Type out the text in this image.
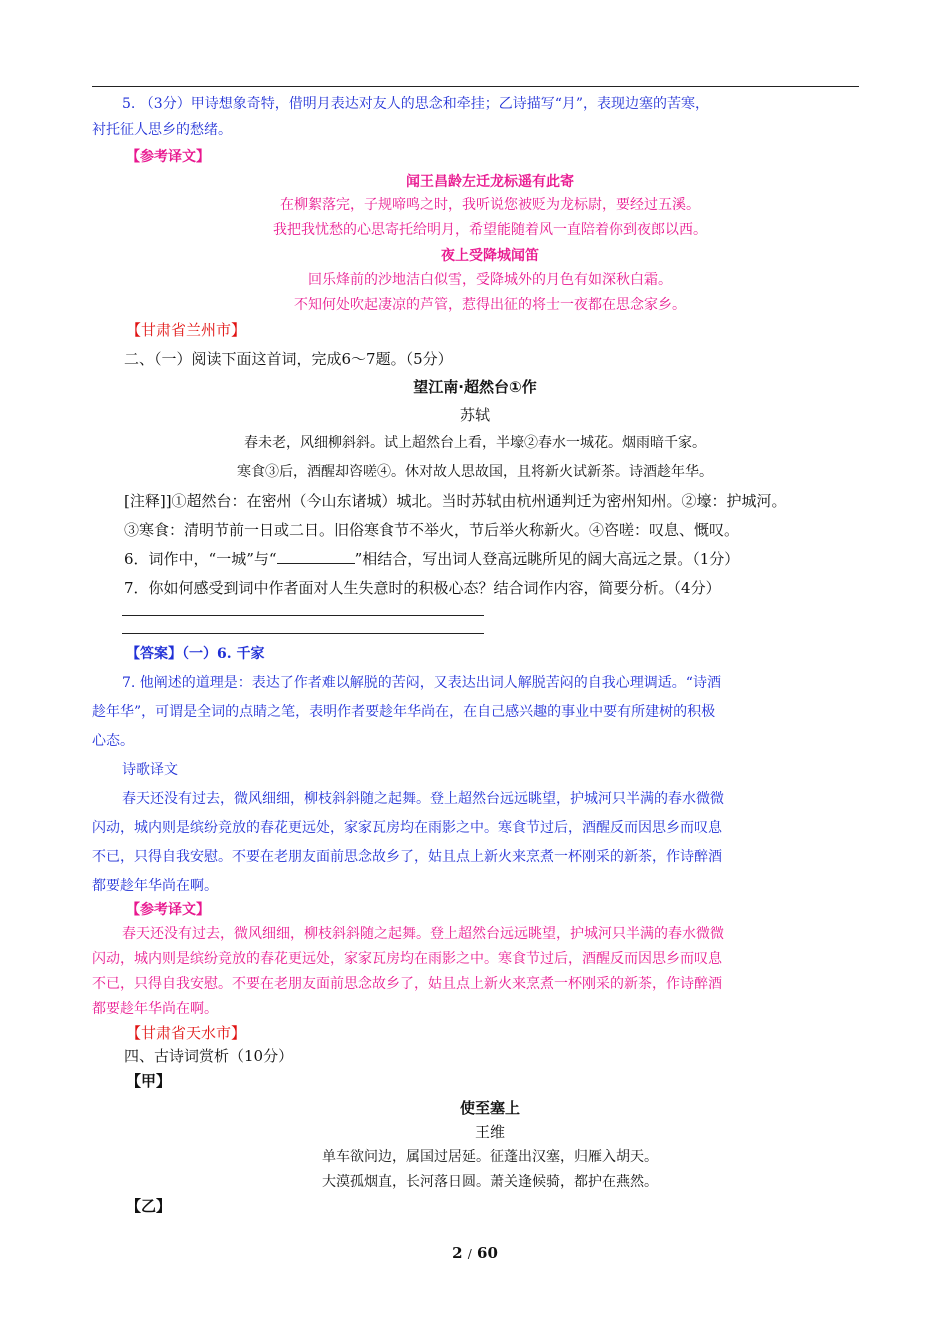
5. （3分）甲诗想象奇特，借明月表达对友人的思念和牵挂；乙诗描写“月”，表现边塞的苦寒，
衬托征人思乡的愁绪。
【参考译文】
闻王昌龄左迁龙标遥有此寄
在柳絮落完，子规啼鸣之时，我听说您被贬为龙标尉，要经过五溪。
我把我忧愁的心思寄托给明月，希望能随着风一直陪着你到夜郎以西。
夜上受降城闻笛
回乐烽前的沙地洁白似雪，受降城外的月色有如深秋白霜。
不知何处吹起凄凉的芦管，惹得出征的将士一夜都在思念家乡。
【甘肃省兰州市】
二、（一）阅读下面这首词，完成6～7题。（5分）
望江南·超然台①作
苏轼
春未老，风细柳斜斜。试上超然台上看，半壕②春水一城花。烟雨暗千家。
寒食③后，酒醒却咨嗟④。休对故人思故国，且将新火试新茶。诗酒趁年华。
[注释]]①超然台：在密州（今山东诸城）城北。当时苏轼由杭州通判迁为密州知州。②壕：护城河。
③寒食：清明节前一日或二日。旧俗寒食节不举火，节后举火称新火。④咨嗟：叹息、慨叹。
6．词作中，“一城”与“	”相结合，写出词人登高远眺所见的阔大高远之景。（1分）
7．你如何感受到词中作者面对人生失意时的积极心态？结合词作内容，简要分析。（4分）
【答案】（一）6. 千家
7. 他阐述的道理是：表达了作者难以解脱的苦闷，又表达出词人解脱苦闷的自我心理调适。“诗酒
趁年华”，可谓是全词的点睛之笔，表明作者要趁年华尚在，在自己感兴趣的事业中要有所建树的积极
心态。
诗歌译文
春天还没有过去，微风细细，柳枝斜斜随之起舞。登上超然台远远眺望，护城河只半满的春水微微
闪动，城内则是缤纷竞放的春花更远处，家家瓦房均在雨影之中。寒食节过后，酒醒反而因思乡而叹息
不已，只得自我安慰。不要在老朋友面前思念故乡了，姑且点上新火来烹煮一杯刚采的新茶，作诗醉酒
都要趁年华尚在啊。
【参考译文】
春天还没有过去，微风细细，柳枝斜斜随之起舞。登上超然台远远眺望，护城河只半满的春水微微
闪动，城内则是缤纷竞放的春花更远处，家家瓦房均在雨影之中。寒食节过后，酒醒反而因思乡而叹息
不已，只得自我安慰。不要在老朋友面前思念故乡了，姑且点上新火来烹煮一杯刚采的新茶，作诗醉酒
都要趁年华尚在啊。
【甘肃省天水市】
四、古诗词赏析（10分）
【甲】
使至塞上
王维
单车欲问边，属国过居延。征蓬出汉塞，归雁入胡天。
大漠孤烟直，长河落日圆。萧关逢候骑，都护在燕然。
【乙】
2 / 60
